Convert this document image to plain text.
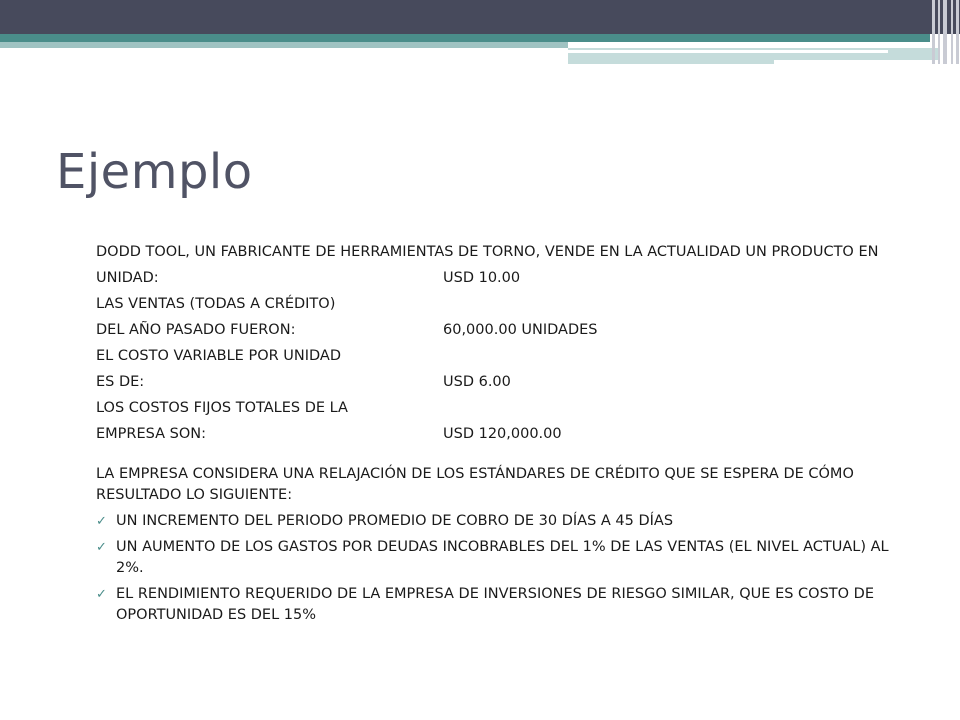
Ejemplo

DODD TOOL, UN FABRICANTE DE HERRAMIENTAS DE TORNO, VENDE EN LA ACTUALIDAD UN PRODUCTO EN

UNIDAD:	USD 10.00
LAS VENTAS (TODAS A CRÉDITO)
DEL AÑO PASADO FUERON:	60,000.00 UNIDADES
EL COSTO VARIABLE POR UNIDAD
ES DE:	USD 6.00
LOS COSTOS FIJOS TOTALES DE LA
EMPRESA SON:	USD 120,000.00

LA EMPRESA CONSIDERA UNA RELAJACIÓN DE LOS ESTÁNDARES DE CRÉDITO QUE SE ESPERA DE CÓMO RESULTADO LO SIGUIENTE:

✓ UN INCREMENTO DEL PERIODO PROMEDIO DE COBRO DE 30 DÍAS A 45 DÍAS
✓ UN AUMENTO DE LOS GASTOS POR DEUDAS INCOBRABLES DEL 1% DE LAS VENTAS (EL NIVEL ACTUAL) AL 2%.
✓ EL RENDIMIENTO REQUERIDO DE LA EMPRESA DE INVERSIONES DE RIESGO SIMILAR, QUE ES COSTO DE OPORTUNIDAD ES DEL 15%
